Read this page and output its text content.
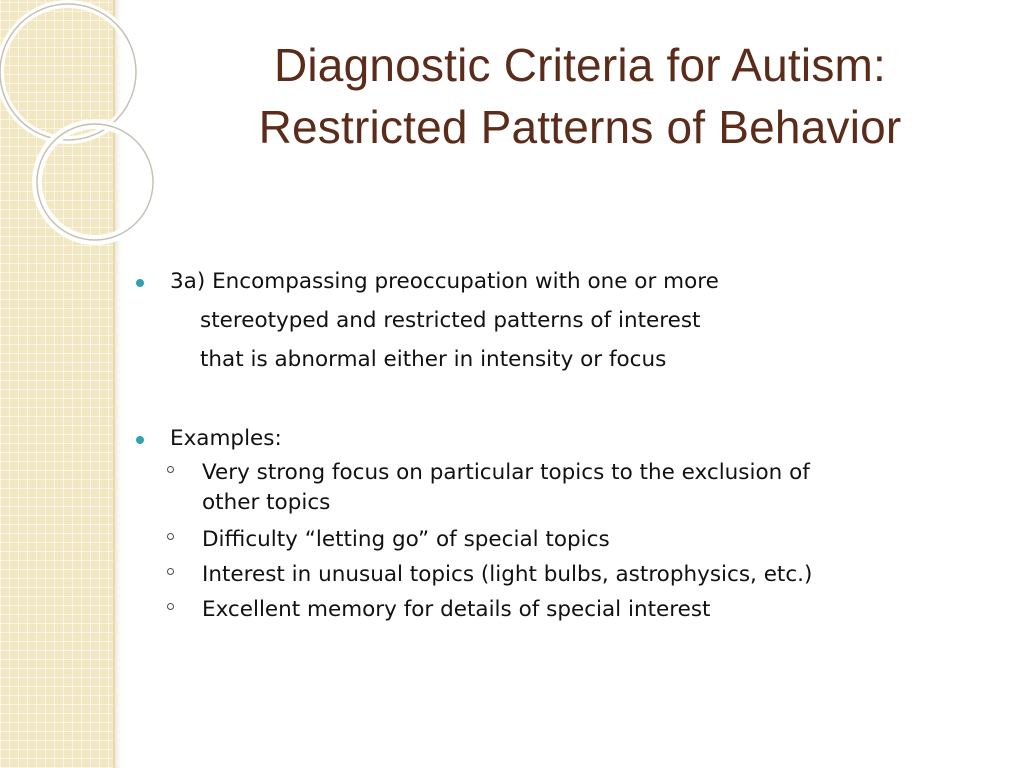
Diagnostic Criteria for Autism:
Restricted Patterns of Behavior
3a) Encompassing preoccupation with one or more
stereotyped and restricted patterns of interest
that is abnormal either in intensity or focus
Examples:
Very strong focus on particular topics to the exclusion of
other topics
Difficulty “letting go” of special topics
Interest in unusual topics (light bulbs, astrophysics, etc.)
Excellent memory for details of special interest
